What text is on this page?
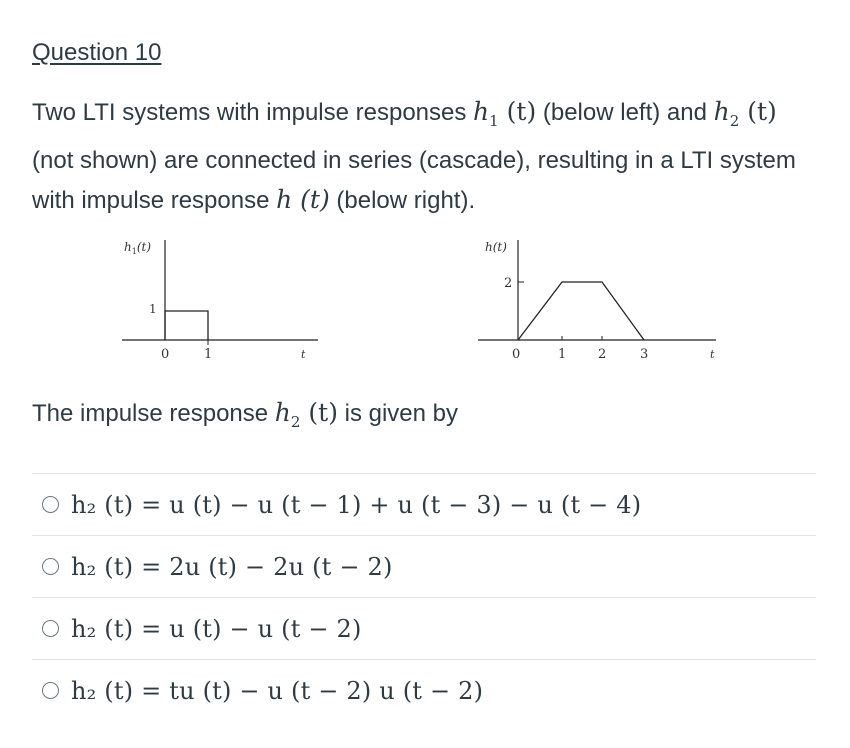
Question 10
Two LTI systems with impulse responses $h_1$ (t) (below left) and $h_2$ (t) (not shown) are connected in series (cascade), resulting in a LTI system with impulse response h (t) (below right).
$h_1(t)$
1
0	1	t
h(t)
2
0	1 2	3	t
The impulse response $h_2$ (t) is given by
h₂ (t) = u (t) − u (t − 1) + u (t − 3) − u (t − 4)
h₂ (t) = 2u (t) − 2u (t − 2)
h₂ (t) = u (t) − u (t − 2)
h₂ (t) = tu (t) − u (t − 2) u (t − 2)
